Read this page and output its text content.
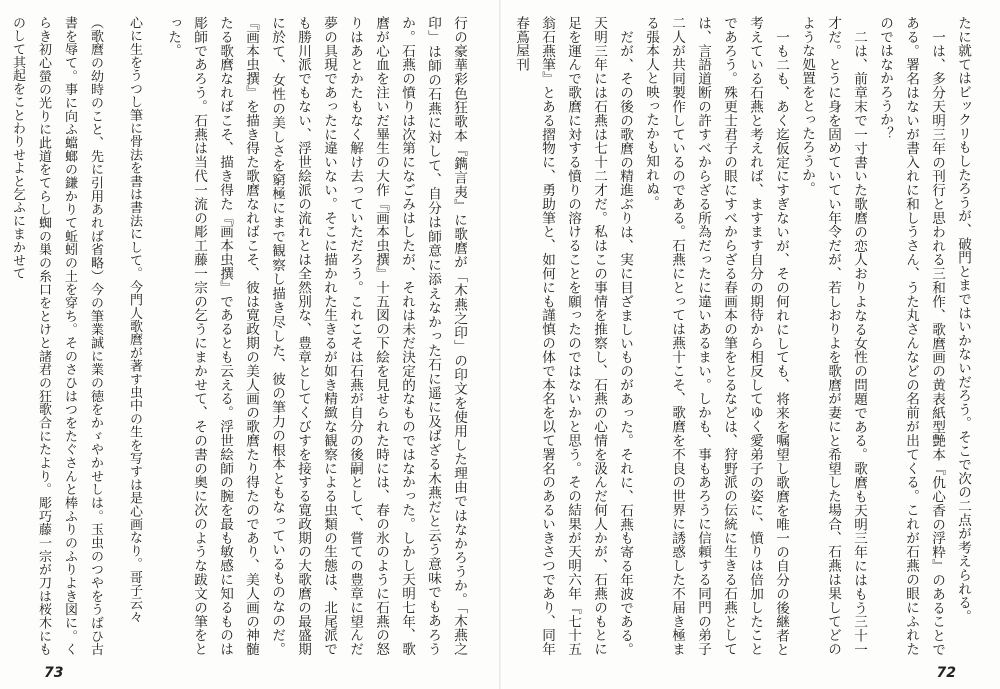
行の豪華彩色狂歌本『鐫言夷』に歌麿が「木燕之印」の印文を使用した理由ではなかろうか。「木燕之印」は師の石燕に対して、自分は師意に添えなかった石に遥に及ばざる木燕だと云う意味でもあろうか。石燕の憤りは次第になごみはしたが、それは未だ決定的なものではなかった。しかし天明七年、歌麿が心血を注いだ畢生の大作『画本虫撰』十五図の下絵を見せられた時には、春の氷のように石燕の怒りはあとかたもなく解け去っていただろう。これこそは石燕が自分の後嗣として、嘗ての豊章に望んだ夢の具現であったに違いない。そこに描かれた生きるが如き精緻な観察による虫類の生態は、北尾派でも勝川派でもない、浮世絵派の流れとは全然別な、豊章としてくびすを接する寛政期の大歌麿の最盛期に於て、女性の美しさを窮極にまで観察し描き尽した、彼の筆力の根本ともなっているものなのだ。『画本虫撰』を描き得た歌麿なればこそ、彼は寛政期の美人画の歌麿たり得たのであり、美人画の神髄たる歌麿なればこそ、描き得た『画本虫撰』であるとも云える。浮世絵師の腕を最も敏感に知るものは彫師であろう。石燕は当代一流の彫工藤一宗の乞うにまかせて、その書の奥に次のような跋文の筆をとった。

心に生をうつし筆に骨法を書は書法にして。今門人歌麿が著す虫中の生を写すは是心画なり。哥子云々

（歌麿の幼時のこと、先に引用あれば省略）今の筆業誠に業の徳をかゞやかせしは。玉虫のつやをうばひ古書を辱て。事に向ふ蟷螂の鎌かりて蚯蚓の土を穿ち。そのさひはつをたぐさんと棒ふりのふりよき図に。くらき初心螢の光りに此道をてらし蜘の巣の糸口をとけと諸君の狂歌合にたより。彫巧藤一宗が刀は桜木にものして其起をことわりせよと乞ふにまかせて

73

たに就てはビックリもしたろうが、破門とまではいかないだろう。そこで次の二点が考えられる。

一は、多分天明三年の刊行と思われる三和作、歌麿画の黄表紙型艶本『仇心香の浮粋』のあることである。署名はないが書入れに和しうさん、うた丸さんなどの名前が出てくる。これが石燕の眼にふれたのではなかろうか？

二は、前章末で一寸書いた歌麿の恋人おりよなる女性の問題である。歌麿も天明三年にはもう三十一才だ。とうに身を固めていてい年令だが、若しおりよを歌麿が妻にと希望した場合、石燕は果してどのような処置をとったろうか。

一も二も、あく迄仮定にすぎないが、その何れにしても、将来を嘱望し歌麿を唯一の自分の後継者と考えている石燕と考えれば、ますます自分の期待から相反してゆく愛弟子の姿に、憤りは倍加したことであろう。殊更士君子の眼にすべからざる春画本の筆をとるなどは、狩野派の伝統に生きる石燕としては、言語道断の許すべからざる所為だったに違いあるまい。しかも、事もあろうに信頼する同門の弟子二人が共同製作しているのである。石燕にとっては燕十こそ、歌麿を不良の世界に誘惑した不届き極まる張本人と映ったかも知れぬ。

だが、その後の歌麿の精進ぶりは、実に目ざましいものがあった。それに、石燕も寄る年波である。天明三年には石燕は七十二才だ。私はこの事情を推察し、石燕の心情を汲んだ何人かが、石燕のもとに足を運んで歌麿に対する憤りの溶けることを願ったのではないかと思う。その結果が天明六年『七十五翁石燕筆』とある摺物に、勇助筆と、如何にも謹慎の体で本名を以て署名のあるいきさつであり、同年春蔦屋刊

72
